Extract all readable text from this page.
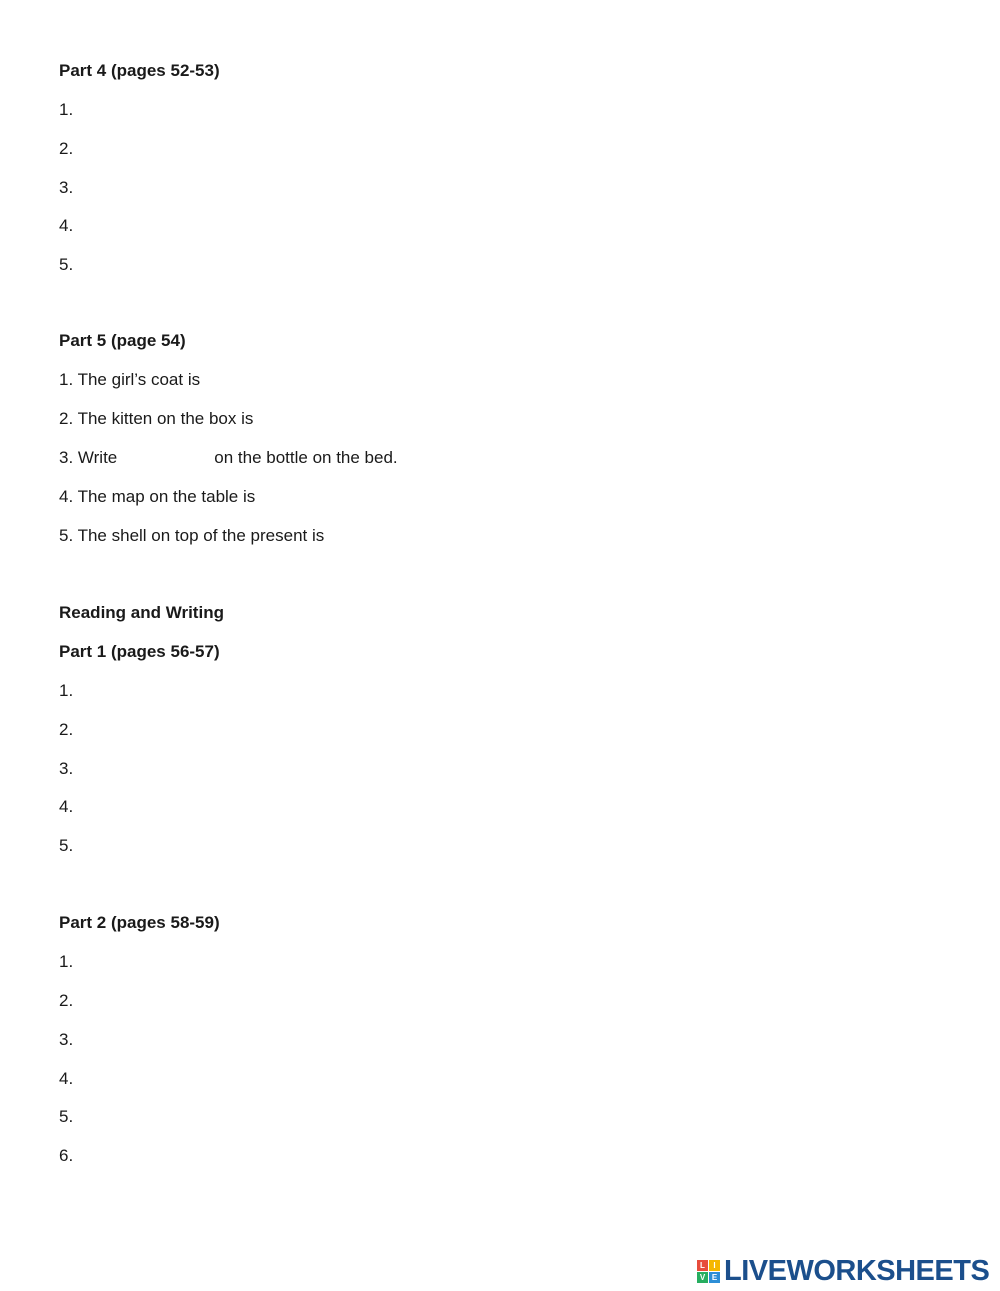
Part 4 (pages 52-53)
1.
2.
3.
4.
5.
Part 5 (page 54)
1. The girl’s coat is
2. The kitten on the box is
3. Write	on the bottle on the bed.
4. The map on the table is
5. The shell on top of the present is
Reading and Writing
Part 1 (pages 56-57)
1.
2.
3.
4.
5.
Part 2 (pages 58-59)
1.
2.
3.
4.
5.
6.
L	I
V E LIVEWORKSHEETS
